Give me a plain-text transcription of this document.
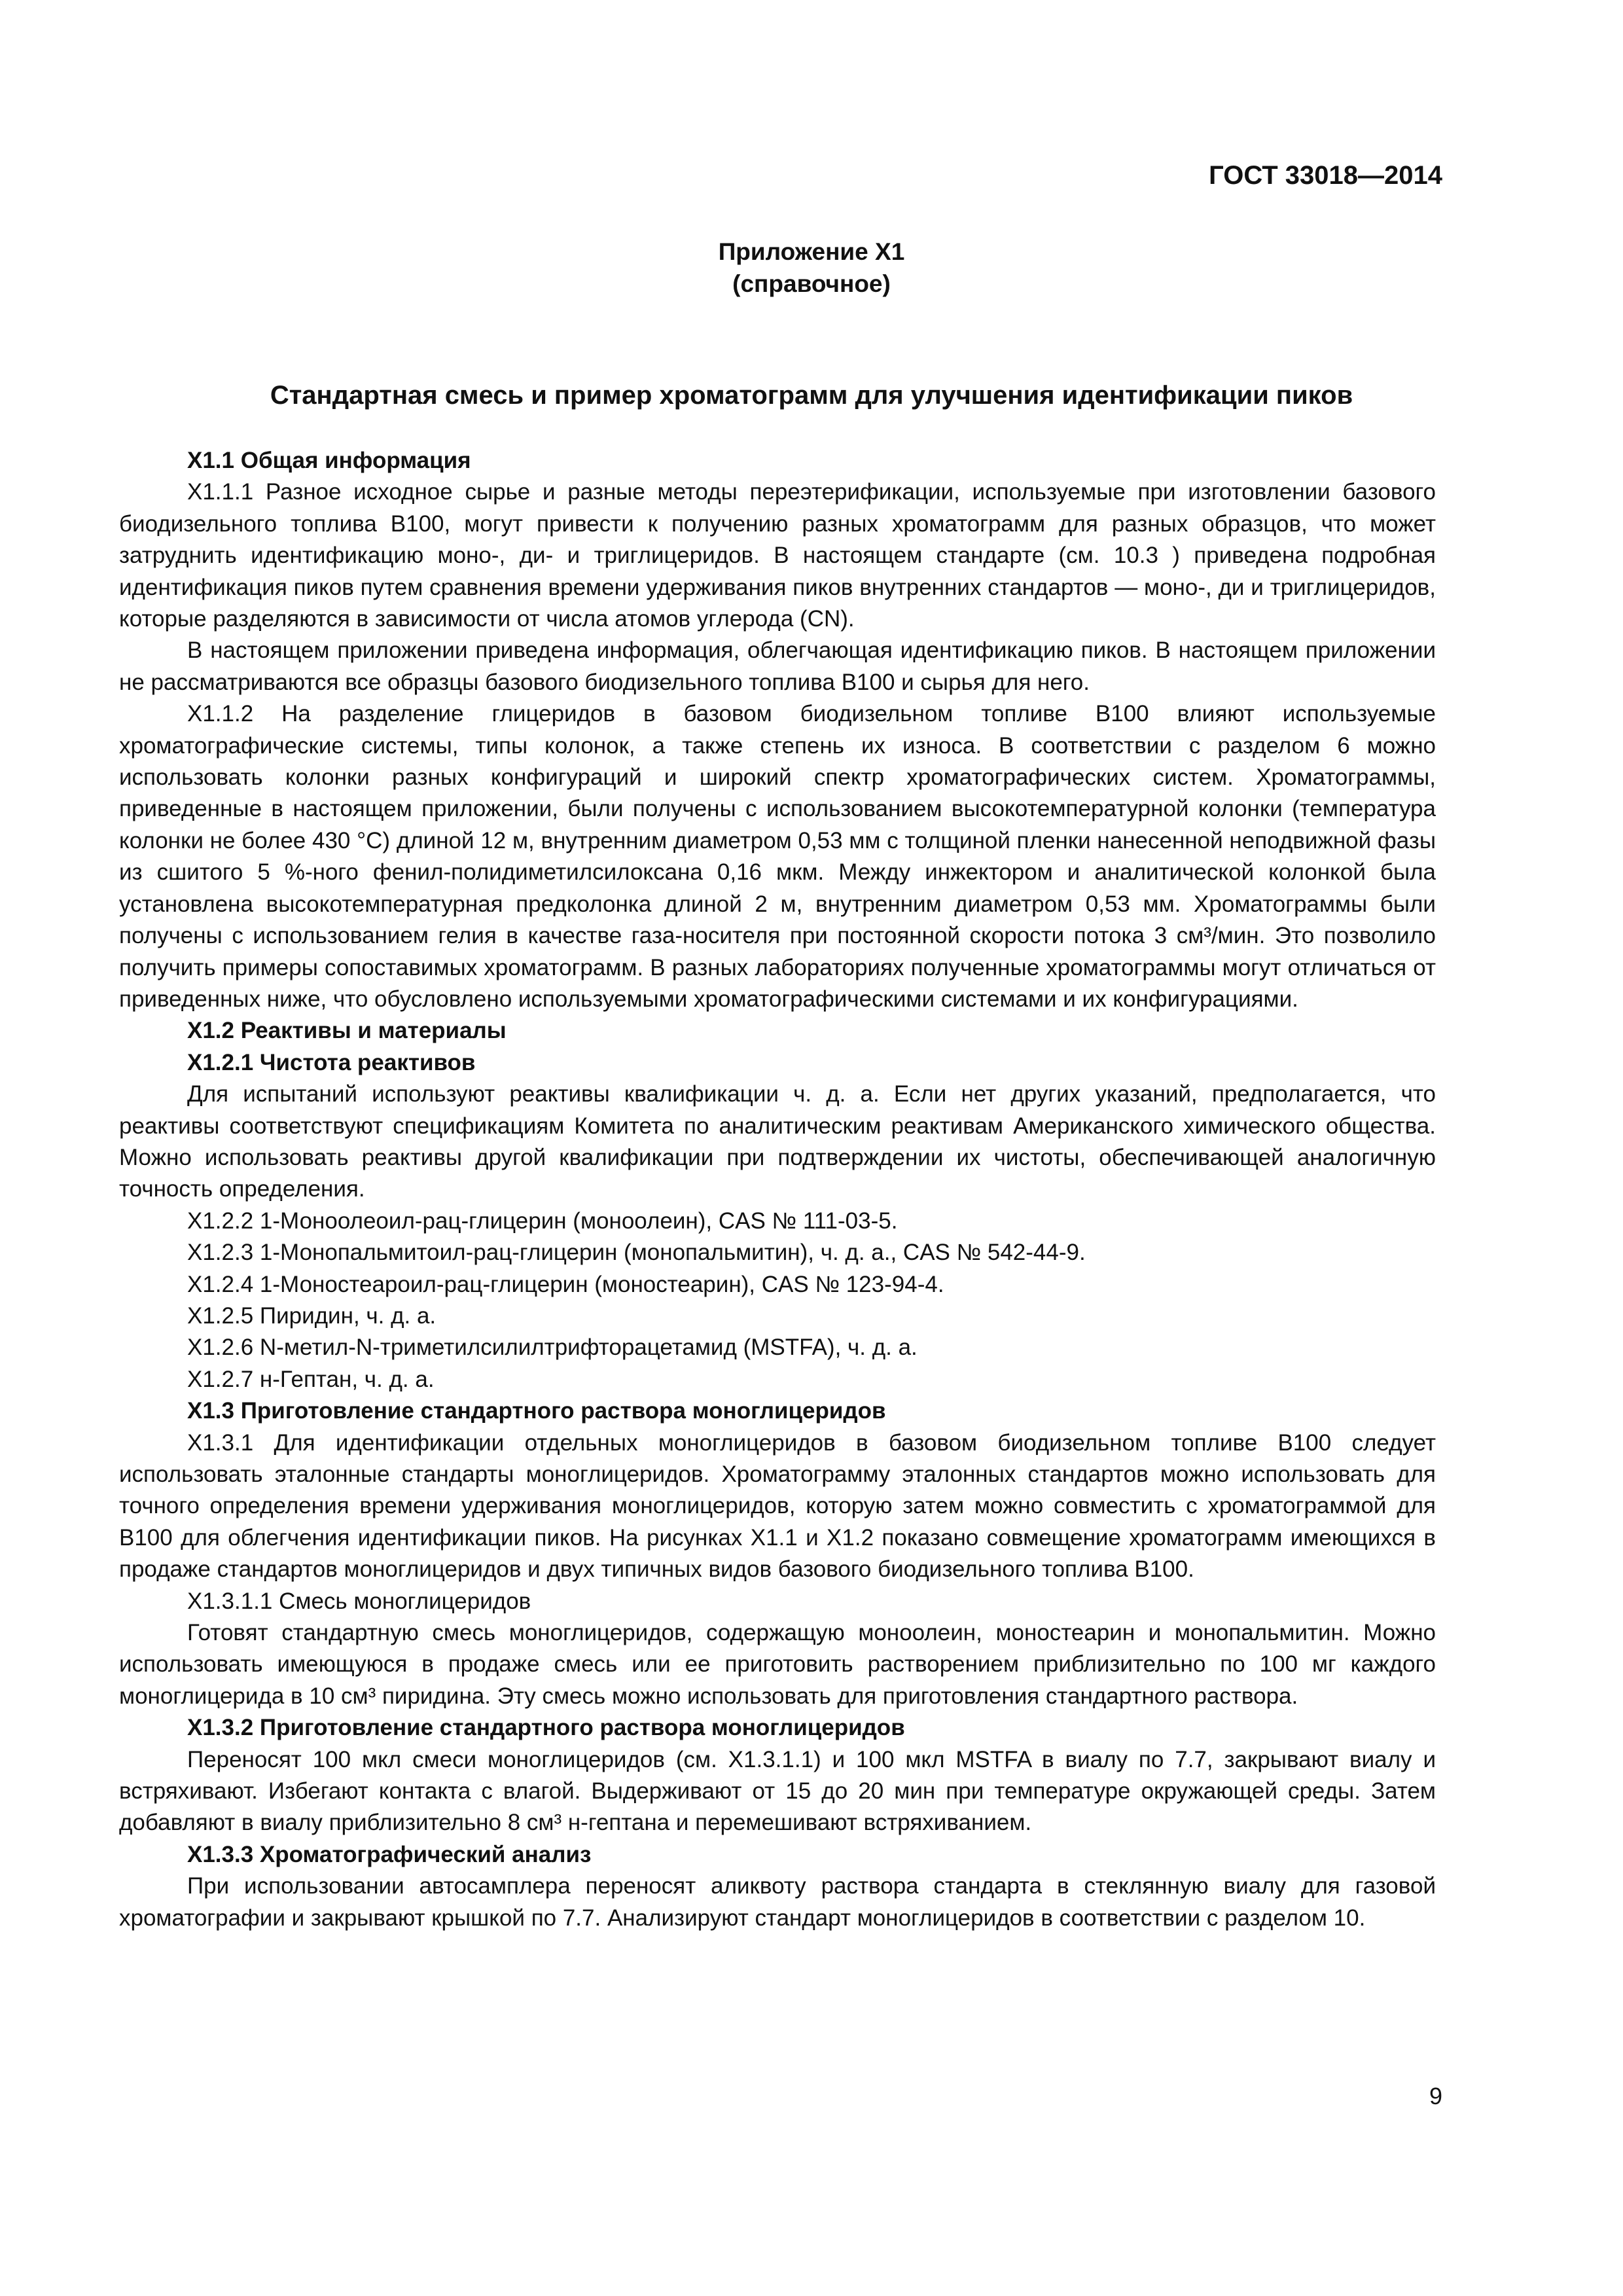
ГОСТ 33018—2014
Приложение Х1
(справочное)
Стандартная смесь и пример хроматограмм для улучшения идентификации пиков
Х1.1 Общая информация

Х1.1.1 Разное исходное сырье и разные методы переэтерификации, используемые при изготовлении базового биодизельного топлива В100, могут привести к получению разных хроматограмм для разных образцов, что может затруднить идентификацию моно-, ди- и триглицеридов. В настоящем стандарте (см. 10.3 ) приведена подробная идентификация пиков путем сравнения времени удерживания пиков внутренних стандартов — моно-, ди и триглицеридов, которые разделяются в зависимости от числа атомов углерода (CN).

В настоящем приложении приведена информация, облегчающая идентификацию пиков. В настоящем приложении не рассматриваются все образцы базового биодизельного топлива В100 и сырья для него.

Х1.1.2 На разделение глицеридов в базовом биодизельном топливе В100 влияют используемые хроматографические системы, типы колонок, а также степень их износа. В соответствии с разделом 6 можно использовать колонки разных конфигураций и широкий спектр хроматографических систем. Хроматограммы, приведенные в настоящем приложении, были получены с использованием высокотемпературной колонки (температура колонки не более 430 °С) длиной 12 м, внутренним диаметром 0,53 мм с толщиной пленки нанесенной неподвижной фазы из сшитого 5 %-ного фенил-полидиметилсилоксана 0,16 мкм. Между инжектором и аналитической колонкой была установлена высокотемпературная предколонка длиной 2 м, внутренним диаметром 0,53 мм. Хроматограммы были получены с использованием гелия в качестве газа-носителя при постоянной скорости потока 3 см³/мин. Это позволило получить примеры сопоставимых хроматограмм. В разных лабораториях полученные хроматограммы могут отличаться от приведенных ниже, что обусловлено используемыми хроматографическими системами и их конфигурациями.

Х1.2 Реактивы и материалы
Х1.2.1 Чистота реактивов

Для испытаний используют реактивы квалификации ч. д. а. Если нет других указаний, предполагается, что реактивы соответствуют спецификациям Комитета по аналитическим реактивам Американского химического общества. Можно использовать реактивы другой квалификации при подтверждении их чистоты, обеспечивающей аналогичную точность определения.

Х1.2.2 1-Моноолеоил-рац-глицерин (моноолеин), CAS № 111-03-5.

Х1.2.3 1-Монопальмитоил-рац-глицерин (монопальмитин), ч. д. а., CAS № 542-44-9.

Х1.2.4 1-Моностеароил-рац-глицерин (моностеарин), CAS № 123-94-4.

Х1.2.5 Пиридин, ч. д. а.

Х1.2.6 N-метил-N-триметилсилилтрифторацетамид (MSTFA), ч. д. а.

Х1.2.7 н-Гептан, ч. д. а.

Х1.3 Приготовление стандартного раствора моноглицеридов

Х1.3.1 Для идентификации отдельных моноглицеридов в базовом биодизельном топливе В100 следует использовать эталонные стандарты моноглицеридов. Хроматограмму эталонных стандартов можно использовать для точного определения времени удерживания моноглицеридов, которую затем можно совместить с хроматограммой для В100 для облегчения идентификации пиков. На рисунках Х1.1 и Х1.2 показано совмещение хроматограмм имеющихся в продаже стандартов моноглицеридов и двух типичных видов базового биодизельного топлива В100.

Х1.3.1.1 Смесь моноглицеридов

Готовят стандартную смесь моноглицеридов, содержащую моноолеин, моностеарин и монопальмитин. Можно использовать имеющуюся в продаже смесь или ее приготовить растворением приблизительно по 100 мг каждого моноглицерида в 10 см³ пиридина. Эту смесь можно использовать для приготовления стандартного раствора.

Х1.3.2 Приготовление стандартного раствора моноглицеридов

Переносят 100 мкл смеси моноглицеридов (см. Х1.3.1.1) и 100 мкл MSTFA в виалу по 7.7, закрывают виалу и встряхивают. Избегают контакта с влагой. Выдерживают от 15 до 20 мин при температуре окружающей среды. Затем добавляют в виалу приблизительно 8 см³ н-гептана и перемешивают встряхиванием.

Х1.3.3 Хроматографический анализ

При использовании автосамплера переносят аликвоту раствора стандарта в стеклянную виалу для газовой хроматографии и закрывают крышкой по 7.7. Анализируют стандарт моноглицеридов в соответствии с разделом 10.

9
